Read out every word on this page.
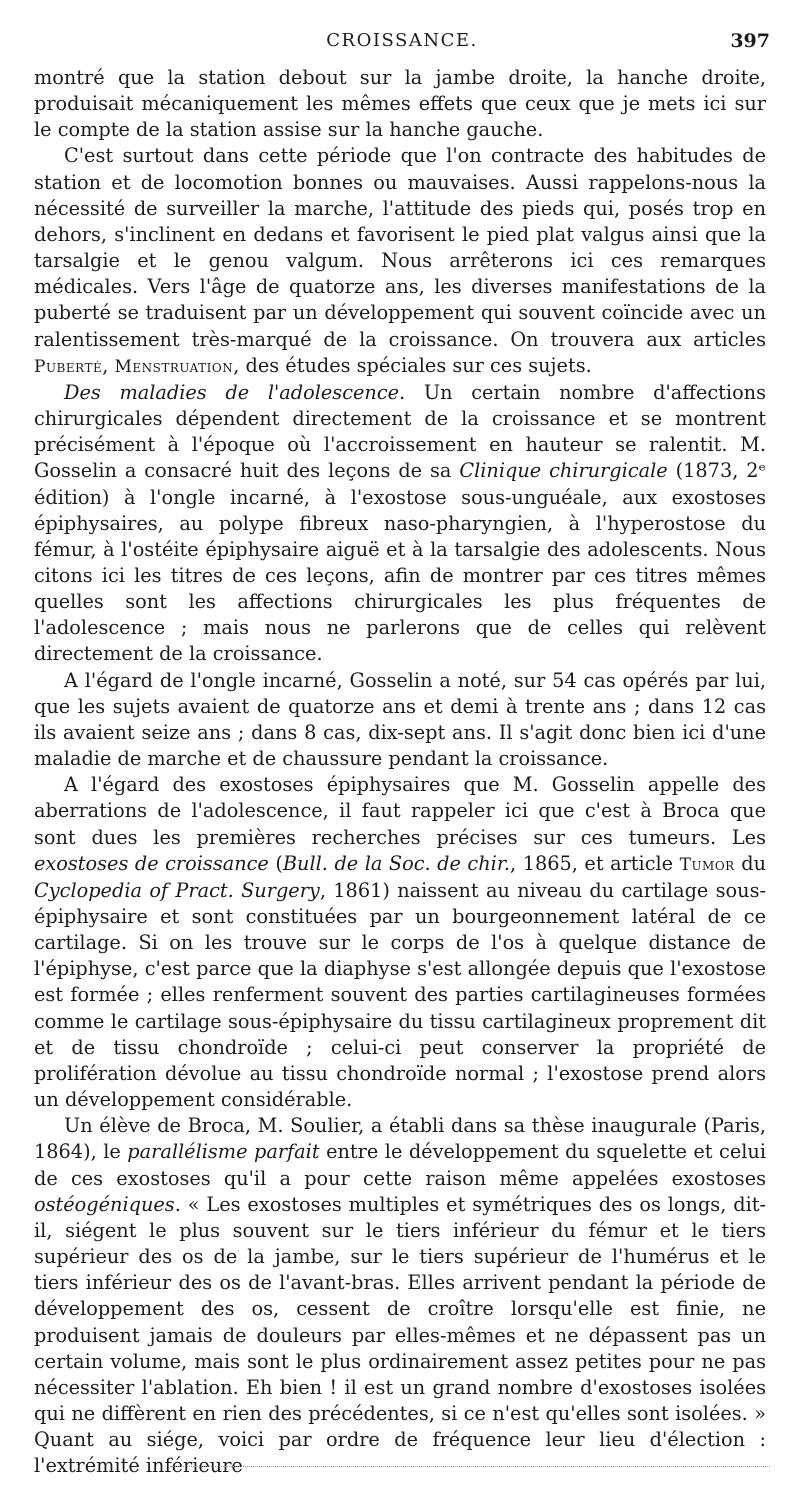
CROISSANCE.	397

montré que la station debout sur la jambe droite, la hanche droite, produisait mécaniquement les mêmes effets que ceux que je mets ici sur le compte de la station assise sur la hanche gauche.

C'est surtout dans cette période que l'on contracte des habitudes de station et de locomotion bonnes ou mauvaises. Aussi rappelons-nous la nécessité de surveiller la marche, l'attitude des pieds qui, posés trop en dehors, s'inclinent en dedans et favorisent le pied plat valgus ainsi que la tarsalgie et le genou valgum. Nous arrêterons ici ces remarques médicales. Vers l'âge de quatorze ans, les diverses manifestations de la puberté se traduisent par un développement qui souvent coïncide avec un ralentissement très-marqué de la croissance. On trouvera aux articles Puberté, Menstruation, des études spéciales sur ces sujets.

Des maladies de l'adolescence. Un certain nombre d'affections chirurgicales dépendent directement de la croissance et se montrent précisément à l'époque où l'accroissement en hauteur se ralentit. M. Gosselin a consacré huit des leçons de sa Clinique chirurgicale (1873, 2ᵉ édition) à l'ongle incarné, à l'exostose sous-unguéale, aux exostoses épiphysaires, au polype fibreux naso-pharyngien, à l'hyperostose du fémur, à l'ostéite épiphysaire aiguë et à la tarsalgie des adolescents. Nous citons ici les titres de ces leçons, afin de montrer par ces titres mêmes quelles sont les affections chirurgicales les plus fréquentes de l'adolescence ; mais nous ne parlerons que de celles qui relèvent directement de la croissance.

A l'égard de l'ongle incarné, Gosselin a noté, sur 54 cas opérés par lui, que les sujets avaient de quatorze ans et demi à trente ans ; dans 12 cas ils avaient seize ans ; dans 8 cas, dix-sept ans. Il s'agit donc bien ici d'une maladie de marche et de chaussure pendant la croissance.

A l'égard des exostoses épiphysaires que M. Gosselin appelle des aberrations de l'adolescence, il faut rappeler ici que c'est à Broca que sont dues les premières recherches précises sur ces tumeurs. Les exostoses de croissance (Bull. de la Soc. de chir., 1865, et article Tumor du Cyclopedia of Pract. Surgery, 1861) naissent au niveau du cartilage sous-épiphysaire et sont constituées par un bourgeonnement latéral de ce cartilage. Si on les trouve sur le corps de l'os à quelque distance de l'épiphyse, c'est parce que la diaphyse s'est allongée depuis que l'exostose est formée ; elles renferment souvent des parties cartilagineuses formées comme le cartilage sous-épiphysaire du tissu cartilagineux proprement dit et de tissu chondroïde ; celui-ci peut conserver la propriété de prolifération dévolue au tissu chondroïde normal ; l'exostose prend alors un développement considérable.

Un élève de Broca, M. Soulier, a établi dans sa thèse inaugurale (Paris, 1864), le parallélisme parfait entre le développement du squelette et celui de ces exostoses qu'il a pour cette raison même appelées exostoses ostéogéniques. « Les exostoses multiples et symétriques des os longs, dit-il, siégent le plus souvent sur le tiers inférieur du fémur et le tiers supérieur des os de la jambe, sur le tiers supérieur de l'humérus et le tiers inférieur des os de l'avant-bras. Elles arrivent pendant la période de développement des os, cessent de croître lorsqu'elle est finie, ne produisent jamais de douleurs par elles-mêmes et ne dépassent pas un certain volume, mais sont le plus ordinairement assez petites pour ne pas nécessiter l'ablation. Eh bien ! il est un grand nombre d'exostoses isolées qui ne diffèrent en rien des précédentes, si ce n'est qu'elles sont isolées. » Quant au siége, voici par ordre de fréquence leur lieu d'élection : l'extrémité inférieure
